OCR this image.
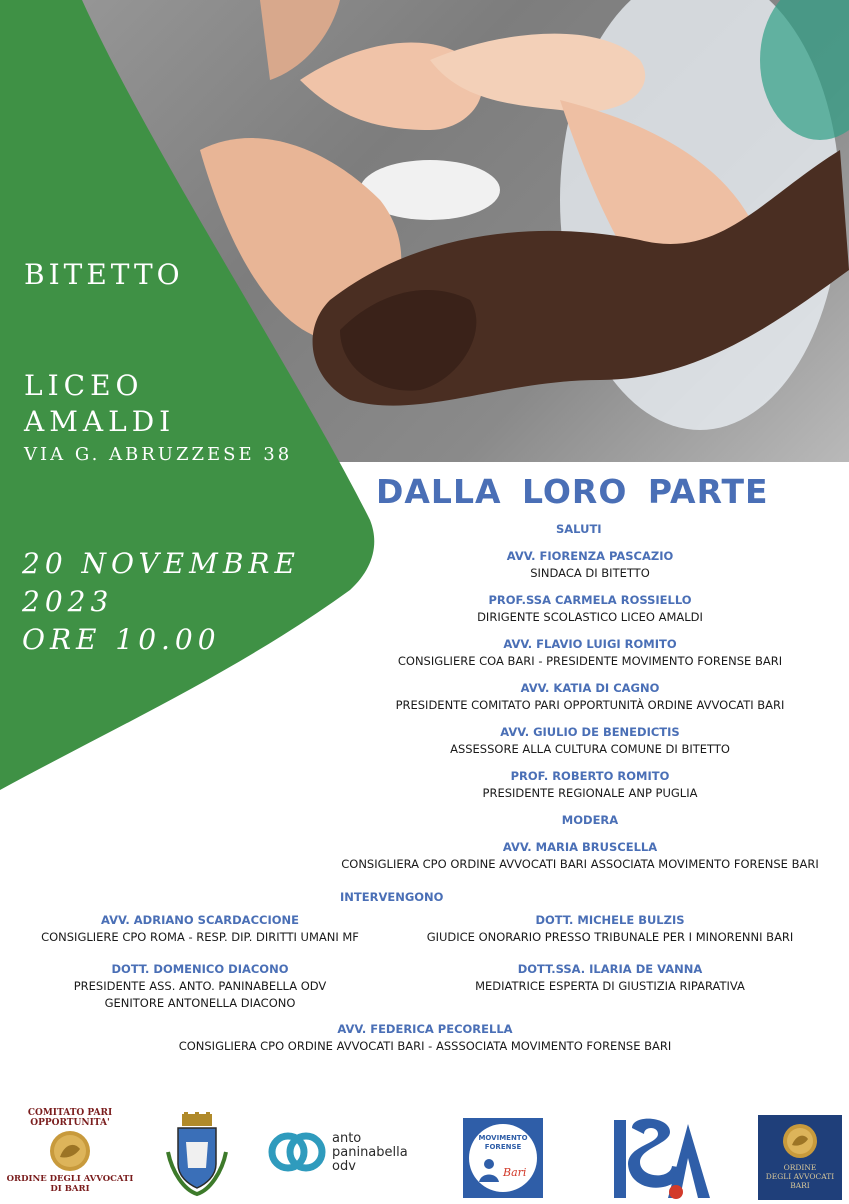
BITETTO
LICEO
AMALDI
VIA G. ABRUZZESE 38
20 NOVEMBRE
2023
ORE 10.00
DALLA LORO PARTE
SALUTI
AVV. FIORENZA PASCAZIO
SINDACA DI BITETTO
PROF.SSA CARMELA ROSSIELLO
DIRIGENTE SCOLASTICO LICEO AMALDI
AVV. FLAVIO LUIGI ROMITO
CONSIGLIERE COA BARI - PRESIDENTE MOVIMENTO FORENSE BARI
AVV. KATIA DI CAGNO
PRESIDENTE COMITATO PARI OPPORTUNITÀ ORDINE AVVOCATI BARI
AVV. GIULIO DE BENEDICTIS
ASSESSORE ALLA CULTURA COMUNE DI BITETTO
PROF. ROBERTO ROMITO
PRESIDENTE REGIONALE ANP PUGLIA
MODERA
AVV. MARIA BRUSCELLA
CONSIGLIERA CPO ORDINE AVVOCATI BARI ASSOCIATA MOVIMENTO FORENSE BARI
INTERVENGONO
AVV. ADRIANO SCARDACCIONE
CONSIGLIERE CPO ROMA - RESP. DIP. DIRITTI UMANI MF
DOTT. MICHELE BULZIS
GIUDICE ONORARIO PRESSO TRIBUNALE PER I MINORENNI BARI
DOTT. DOMENICO DIACONO
PRESIDENTE ASS. ANTO. PANINABELLA ODV
GENITORE ANTONELLA DIACONO
DOTT.SSA. ILARIA DE VANNA
MEDIATRICE ESPERTA DI GIUSTIZIA RIPARATIVA
AVV. FEDERICA PECORELLA
CONSIGLIERA CPO ORDINE AVVOCATI BARI - ASSSOCIATA MOVIMENTO FORENSE BARI
COMITATO PARI
OPPORTUNITA'
ORDINE DEGLI AVVOCATI
DI BARI
anto
paninabella
odv
MOVIMENTO
FORENSE
Bari	ORDINE
DEGLI AVVOCATI
BARI
